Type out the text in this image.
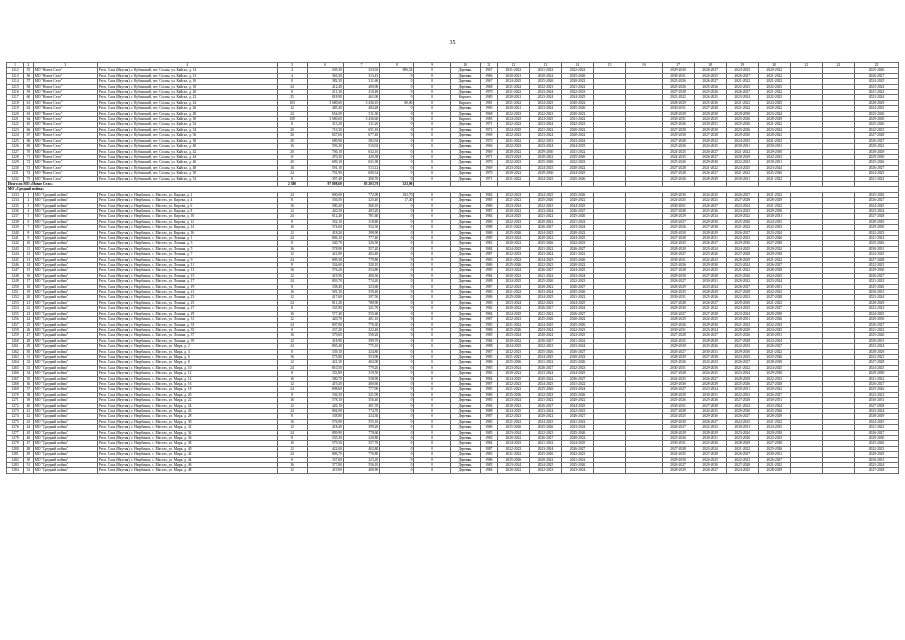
35
1	2	3	4	5	6	7	8	9	10	11	12	13	14	15	16	17	18	19	20	21	22	23
1212	55	МО "Новое Село"	Респ. Саха (Якутия), г. Кубинский, пгт. Сосны, ул. Кайгал, д. 14	4	549,30	333,02	896,34	0	Деревян.	1967	2021-2022	2021-2022	2022-2022			2029-2030	2026-2027	2024-2025	2020-2022			2025-2026
1213	56	МО "Новое Село"	Респ. Саха (Якутия), г. Кубинский, пгт. Сосны, ул. Кайгал, д. 13	4	363,30	313,43	0	0	Деревян.	1966	2020-2021	2020-2022	2025-2026			2030-2031	2024-2025	2026-2027	2021-2022			2026-2027
1214	57	МО "Новое Село"	Респ. Саха (Якутия), г. Кубинский, пгт. Сосны, ул. Кайгал, д. 16	8	382,30	311,60	0	0	Деревян.	1967	2024-2025	2025-2026	2020-2022			2025-2026	2026-2027	2021-2022	2021-2022			2024-2025
1215	58	МО "Новое Село"	Респ. Саха (Якутия), г. Кубинский, пгт. Сосны, ул. Кайгал, д. 18	24	412,40	400,08	0	0	Деревян.	1968	2021-2022	2022-2023	2021-2022			2025-2026	2025-2026	2022-2023	2022-2023			2023-2024
1216	59	МО "Новое Село"	Респ. Саха (Якутия), г. Кубинский, пгт. Сосны, ул. Кайгал, д. 20	8	211,30	210,48	0	0	Деревян.	1970	2021-2022	2023-2024	2022-2023			2027-2028	2025-2026	2026-2027	2021-2022			2021-2022
1217	60	МО "Новое Село"	Респ. Саха (Якутия), г. Кубинский, пгт. Сосны, ул. Кайгал, д. 22	25	818,90	461,00	0	0	Кирпич.	1980	2020-2021	2023-2024	2024-2025			2021-2022	2024-2025	2023-2024	2022-2023			2023-2024
1218	61	МО "Новое Село"	Респ. Саха (Якутия), г. Кубинский, пгт. Сосны, ул. Кайгал, д. 24	103	3 680,60	3 436,10	80,00	0	Кирпич.	1981	2021-2022	2024-2025	2020-2022			2028-2029	2025-2026	2021-2022	2024-2025			2028-2029
1219	62	МО "Новое Село"	Респ. Саха (Якутия), г. Кубинский, пгт. Сосны, ул. Кайгал, д. 26	12	485,40	404,28	0	0	Деревян.	1969	2020-2021	2023-2024	2025-2026			2030-2031	2027-2028	2021-2022	2020-2022			2024-2025
1220	63	МО "Новое Село"	Респ. Саха (Якутия), г. Кубинский, пгт. Сосны, ул. Кайгал, д. 28	24	654,00	511,30	0	0	Деревян.	1968	2022-2023	2022-2023	2020-2022			2028-2029	2029-2030	2029-2030	2023-2024			2025-2026
1221	64	МО "Новое Село"	Респ. Саха (Якутия), г. Кубинский, пгт. Сосны, ул. Кайгал, д. 30	108	3 680,60	3 436,60	0	0	Кирпич.	1983	2024-2025	2024-2025	2021-2022			2030-2031	2024-2025	2025-2026	2028-2029			2029-2030
1222	65	МО "Новое Село"	Респ. Саха (Якутия), г. Кубинский, пгт. Сосны, ул. Кайгал, д. 32	8	313,20	311,20	0	0	Деревян.	1971	2022-2023	2023-2024	2022-2023			2025-2026	2030-2031	2025-2026	2021-2022			2025-2026
1223	66	МО "Новое Село"	Респ. Саха (Якутия), г. Кубинский, пгт. Сосны, ул. Кайгал, д. 34	20	710,30	651,10	0	0	Деревян.	1972	2024-2025	2021-2022	2020-2022			2027-2028	2029-2030	2025-2026	2023-2024			2022-2023
1224	67	МО "Новое Село"	Респ. Саха (Якутия), г. Кубинский, пгт. Сосны, ул. Кайгал, д. 36	26	847,60	677,40	0	0	Деревян.	1969	2022-2023	2023-2024	2020-2022			2029-2030	2027-2028	2029-2030	2020-2022			2027-2028
1225	68	МО "Новое Село"	Респ. Саха (Якутия), г. Кубинский, пгт. Сосны, ул. Кайгал, д. 38	20	689,90	582,94	0	0	Деревян.	1970	2021-2022	2022-2023	2023-2024			2027-2028	2020-2022	2024-2025	2021-2022			2026-2027
1226	69	МО "Новое Село"	Респ. Саха (Якутия), г. Кубинский, пгт. Сосны, ул. Кайгал, д. 40	16	593,20	510,02	0	0	Деревян.	1966	2022-2023	2023-2024	2024-2025			2025-2026	2024-2025	2030-2031	2030-2031			2020-2022
1227	70	МО "Новое Село"	Респ. Саха (Якутия), г. Кубинский, пгт. Сосны, ул. Кайгал, д. 42	20	706,10	632,10	0	0	Деревян.	1969	2020-2022	2029-2030	2021-2022			2024-2025	2026-2027	2021-2022	2029-2030			2028-2029
1228	71	МО "Новое Село"	Респ. Саха (Якутия), г. Кубинский, пгт. Сосны, ул. Кайгал, д. 44	11	470,20	420,38	0	0	Деревян.	1971	2023-2024	2020-2022	2025-2026			2024-2025	2026-2027	2028-2029	2022-2023			2029-2030
1229	72	МО "Новое Село"	Респ. Саха (Якутия), г. Кубинский, пгт. Сосны, ул. Кайгал, д. 46	20	699,10	631,38	0	0	Деревян.	1970	2022-2023	2025-2026	2022-2023			2025-2026	2029-2030	2022-2023	2030-2031			2025-2026
1230	73	МО "Новое Село"	Респ. Саха (Якутия), г. Кубинский, пгт. Сосны, ул. Кайгал, д. 48	16	591,10	513,12	0	0	Деревян.	1969	2023-2024	2024-2025	2020-2022			2027-2028	2021-2022	2024-2025	2023-2024			2026-2027
1231	74	МО "Новое Село"	Респ. Саха (Якутия), г. Кубинский, пгт. Сосны, ул. Кайгал, д. 50	24	701,90	600,34	0	0	Деревян.	1970	2020-2022	2029-2030	2024-2025			2027-2028	2026-2027	2021-2022	2025-2026			2024-2025
1232	75	МО "Новое Село"	Респ. Саха (Якутия), г. Кубинский, пгт. Сосны, ул. Кайгал, д. 52	8	307,40	290,76	0	0	Деревян.	1971	2021-2022	2024-2025	2025-2026			2025-2026	2028-2029	2030-2031	2021-2022			2021-2022
Итого по МО «Новое Село»				2 380	97 808,60	83 203,70	323,00															
МО «Средний пойма»																						
1233	1	МО "Средний пойма"	Респ. Саха (Якутия), г. Нюрбинск, с. Мастах, ул. Кирова, д. 2	24	800,00	772,00	182,70	0	Деревян.	1982	2022-2023	2024-2025	2025-2026			2029-2030	2024-2025	2026-2027	2021-2022			2025-2026
1234	2	МО "Средний пойма"	Респ. Саха (Якутия), г. Нюрбинск, с. Мастах, ул. Кирова, д. 4	8	336,50	325,40	17,40	0	Деревян.	1985	2021-2022	2025-2026	2020-2022			2024-2025	2022-2023	2027-2028	2028-2029			2026-2027
1235	3	МО "Средний пойма"	Респ. Саха (Якутия), г. Нюрбинск, с. Мастах, ул. Кирова, д. 6	16	580,20	560,10	0	0	Деревян.	1986	2023-2024	2022-2023	2024-2025			2030-2031	2026-2027	2023-2024	2021-2022			2024-2025
1236	4	МО "Средний пойма"	Респ. Саха (Якутия), г. Нюрбинск, с. Мастах, ул. Кирова, д. 8	12	420,30	403,20	0	0	Деревян.	1987	2020-2022	2023-2024	2026-2027			2027-2028	2025-2026	2024-2025	2029-2030			2023-2024
1237	5	МО "Средний пойма"	Респ. Саха (Якутия), г. Нюрбинск, с. Мастах, ул. Кирова, д. 10	24	812,40	781,60	0	0	Деревян.	1984	2024-2025	2021-2022	2025-2026			2028-2029	2023-2024	2020-2022	2030-2031			2027-2028
1238	6	МО "Средний пойма"	Респ. Саха (Якутия), г. Нюрбинск, с. Мастах, ул. Кирова, д. 12	8	332,10	318,80	0	0	Деревян.	1983	2022-2023	2020-2022	2021-2022			2026-2027	2029-2030	2025-2026	2024-2025			2028-2029
1239	7	МО "Средний пойма"	Респ. Саха (Якутия), г. Нюрбинск, с. Мастах, ул. Кирова, д. 14	16	574,60	552,30	0	0	Деревян.	1988	2021-2022	2026-2027	2023-2024			2025-2026	2027-2028	2021-2022	2022-2023			2029-2030
1240	8	МО "Средний пойма"	Респ. Саха (Якутия), г. Нюрбинск, с. Мастах, ул. Кирова, д. 16	12	418,20	398,90	0	0	Деревян.	1986	2025-2026	2024-2025	2020-2022			2029-2030	2028-2029	2026-2027	2023-2024			2022-2023
1241	9	МО "Средний пойма"	Респ. Саха (Якутия), г. Нюрбинск, с. Мастах, ул. Ленина, д. 1	24	806,10	777,40	0	0	Деревян.	1985	2023-2024	2020-2022	2024-2025			2027-2028	2030-2031	2022-2023	2025-2026			2021-2022
1242	10	МО "Средний пойма"	Респ. Саха (Якутия), г. Нюрбинск, с. Мастах, ул. Ленина, д. 3	8	340,70	326,50	0	0	Деревян.	1982	2020-2022	2025-2026	2022-2023			2024-2025	2026-2027	2029-2030	2027-2028			2025-2026
1243	11	МО "Средний пойма"	Респ. Саха (Якутия), г. Нюрбинск, с. Мастах, ул. Ленина, д. 5	16	578,90	557,20	0	0	Деревян.	1984	2024-2025	2021-2022	2026-2027			2028-2029	2023-2024	2024-2025	2020-2022			2030-2031
1244	12	МО "Средний пойма"	Респ. Саха (Якутия), г. Нюрбинск, с. Мастах, ул. Ленина, д. 7	12	421,80	402,40	0	0	Деревян.	1987	2022-2023	2023-2024	2021-2022			2026-2027	2025-2026	2027-2028	2029-2030			2024-2025
1245	13	МО "Средний пойма"	Респ. Саха (Якутия), г. Нюрбинск, с. Мастах, ул. Ленина, д. 9	24	809,30	779,80	0	0	Деревян.	1983	2021-2022	2024-2025	2025-2026			2030-2031	2022-2023	2028-2029	2021-2022			2027-2028
1246	14	МО "Средний пойма"	Респ. Саха (Якутия), г. Нюрбинск, с. Мастах, ул. Ленина, д. 11	8	334,60	320,10	0	0	Деревян.	1986	2025-2026	2022-2023	2020-2022			2025-2026	2029-2030	2023-2024	2026-2027			2022-2023
1247	15	МО "Средний пойма"	Респ. Саха (Якутия), г. Нюрбинск, с. Мастах, ул. Ленина, д. 13	16	576,20	554,80	0	0	Деревян.	1985	2023-2024	2026-2027	2024-2025			2027-2028	2024-2025	2021-2022	2028-2029			2029-2030
1248	16	МО "Средний пойма"	Респ. Саха (Якутия), г. Нюрбинск, с. Мастах, ул. Ленина, д. 15	12	419,50	400,30	0	0	Деревян.	1984	2020-2022	2021-2022	2023-2024			2029-2030	2027-2028	2025-2026	2024-2025			2026-2027
1249	17	МО "Средний пойма"	Респ. Саха (Якутия), г. Нюрбинск, с. Мастах, ул. Ленина, д. 17	24	803,70	774,20	0	0	Деревян.	1988	2024-2025	2025-2026	2022-2023			2026-2027	2030-2031	2020-2022	2023-2024			2021-2022
1250	18	МО "Средний пойма"	Респ. Саха (Якутия), г. Нюрбинск, с. Мастах, ул. Ленина, д. 19	8	338,40	323,60	0	0	Деревян.	1987	2022-2023	2020-2022	2026-2027			2028-2029	2023-2024	2026-2027	2030-2031			2025-2026
1251	19	МО "Средний пойма"	Респ. Саха (Якутия), г. Нюрбинск, с. Мастах, ул. Ленина, д. 21	16	581,30	559,40	0	0	Деревян.	1983	2021-2022	2023-2024	2025-2026			2024-2025	2028-2029	2027-2028	2022-2023			2030-2031
1252	20	МО "Средний пойма"	Респ. Саха (Якутия), г. Нюрбинск, с. Мастах, ул. Ленина, д. 23	12	417,60	397,50	0	0	Деревян.	1986	2025-2026	2024-2025	2021-2022			2030-2031	2025-2026	2022-2023	2027-2028			2023-2024
1253	21	МО "Средний пойма"	Респ. Саха (Якутия), г. Нюрбинск, с. Мастах, ул. Ленина, д. 25	24	811,20	780,90	0	0	Деревян.	1985	2023-2024	2022-2023	2024-2025			2027-2028	2026-2027	2029-2030	2021-2022			2028-2029
1254	22	МО "Средний пойма"	Респ. Саха (Якутия), г. Нюрбинск, с. Мастах, ул. Ленина, д. 27	8	335,90	321,70	0	0	Деревян.	1982	2020-2022	2026-2027	2023-2024			2029-2030	2021-2022	2024-2025	2026-2027			2022-2023
1255	23	МО "Средний пойма"	Респ. Саха (Якутия), г. Нюрбинск, с. Мастах, ул. Ленина, д. 29	16	577,40	555,60	0	0	Деревян.	1984	2024-2025	2021-2022	2026-2027			2026-2027	2027-2028	2023-2024	2029-2030			2024-2025
1256	24	МО "Средний пойма"	Респ. Саха (Якутия), г. Нюрбинск, с. Мастах, ул. Ленина, д. 31	12	420,70	401,10	0	0	Деревян.	1987	2022-2023	2025-2026	2020-2022			2028-2029	2024-2025	2030-2031	2025-2026			2029-2030
1257	25	МО "Средний пойма"	Респ. Саха (Якутия), г. Нюрбинск, с. Мастах, ул. Ленина, д. 33	24	807,80	776,30	0	0	Деревян.	1983	2021-2022	2024-2025	2025-2026			2025-2026	2029-2030	2021-2022	2022-2023			2026-2027
1258	26	МО "Средний пойма"	Респ. Саха (Якутия), г. Нюрбинск, с. Мастах, ул. Ленина, д. 35	8	337,20	322,40	0	0	Деревян.	1986	2025-2026	2023-2024	2022-2023			2030-2031	2023-2024	2028-2029	2024-2025			2021-2022
1259	27	МО "Средний пойма"	Респ. Саха (Якутия), г. Нюрбинск, с. Мастах, ул. Ленина, д. 37	16	579,60	558,20	0	0	Деревян.	1985	2023-2024	2020-2022	2024-2025			2027-2028	2026-2027	2025-2026	2030-2031			2025-2026
1260	28	МО "Средний пойма"	Респ. Саха (Якутия), г. Нюрбинск, с. Мастах, ул. Ленина, д. 39	12	418,90	399,70	0	0	Деревян.	1984	2020-2022	2026-2027	2021-2022			2024-2025	2028-2029	2027-2028	2023-2024			2030-2031
1261	29	МО "Средний пойма"	Респ. Саха (Якутия), г. Нюрбинск, с. Мастах, ул. Мира, д. 2	24	805,40	775,10	0	0	Деревян.	1988	2024-2025	2022-2023	2023-2024			2029-2030	2025-2026	2022-2023	2026-2027			2023-2024
1262	30	МО "Средний пойма"	Респ. Саха (Якутия), г. Нюрбинск, с. Мастах, ул. Мира, д. 4	8	339,10	324,80	0	0	Деревян.	1987	2022-2023	2025-2026	2026-2027			2026-2027	2030-2031	2029-2030	2021-2022			2028-2029
1263	31	МО "Средний пойма"	Респ. Саха (Якутия), г. Нюрбинск, с. Мастах, ул. Мира, д. 6	16	575,80	553,90	0	0	Деревян.	1983	2021-2022	2024-2025	2020-2022			2028-2029	2027-2028	2024-2025	2025-2026			2022-2023
1264	32	МО "Средний пойма"	Респ. Саха (Якутия), г. Нюрбинск, с. Мастах, ул. Мира, д. 8	12	421,30	402,00	0	0	Деревян.	1986	2025-2026	2021-2022	2025-2026			2025-2026	2022-2023	2026-2027	2028-2029			2027-2028
1265	33	МО "Средний пойма"	Респ. Саха (Якутия), г. Нюрбинск, с. Мастах, ул. Мира, д. 10	24	810,50	779,20	0	0	Деревян.	1985	2023-2024	2026-2027	2022-2023			2030-2031	2029-2030	2021-2022	2024-2025			2024-2025
1266	34	МО "Средний пойма"	Респ. Саха (Якутия), г. Нюрбинск, с. Мастах, ул. Мира, д. 12	8	333,80	319,50	0	0	Деревян.	1982	2020-2022	2023-2024	2024-2025			2027-2028	2024-2025	2023-2024	2029-2030			2029-2030
1267	35	МО "Средний пойма"	Респ. Саха (Якутия), г. Нюрбинск, с. Мастах, ул. Мира, д. 14	16	580,70	558,90	0	0	Деревян.	1984	2024-2025	2020-2022	2026-2027			2024-2025	2026-2027	2028-2029	2022-2023			2021-2022
1268	36	МО "Средний пойма"	Респ. Саха (Якутия), г. Нюрбинск, с. Мастах, ул. Мира, д. 16	12	419,20	400,60	0	0	Деревян.	1987	2022-2023	2024-2025	2021-2022			2029-2030	2028-2029	2025-2026	2027-2028			2026-2027
1269	37	МО "Средний пойма"	Респ. Саха (Якутия), г. Нюрбинск, с. Мастах, ул. Мира, д. 18	24	808,60	777,90	0	0	Деревян.	1983	2021-2022	2025-2026	2023-2024			2026-2027	2023-2024	2030-2031	2020-2022			2025-2026
1270	38	МО "Средний пойма"	Респ. Саха (Якутия), г. Нюрбинск, с. Мастах, ул. Мира, д. 20	8	336,30	321,90	0	0	Деревян.	1986	2025-2026	2022-2023	2025-2026			2028-2029	2030-2031	2022-2023	2026-2027			2022-2023
1271	39	МО "Средний пойма"	Респ. Саха (Якутия), г. Нюрбинск, с. Мастах, ул. Мира, д. 22	16	578,10	556,40	0	0	Деревян.	1985	2023-2024	2021-2022	2020-2022			2025-2026	2025-2026	2027-2028	2030-2031			2030-2031
1272	40	МО "Средний пойма"	Респ. Саха (Якутия), г. Нюрбинск, с. Мастах, ул. Мира, д. 24	12	420,10	401,70	0	0	Деревян.	1984	2020-2022	2026-2027	2024-2025			2030-2031	2027-2028	2021-2022	2023-2024			2027-2028
1273	41	МО "Средний пойма"	Респ. Саха (Якутия), г. Нюрбинск, с. Мастах, ул. Мира, д. 26	24	804,90	774,70	0	0	Деревян.	1988	2024-2025	2023-2024	2022-2023			2027-2028	2024-2025	2029-2030	2025-2026			2023-2024
1274	42	МО "Средний пойма"	Респ. Саха (Якутия), г. Нюрбинск, с. Мастах, ул. Мира, д. 28	8	338,80	324,30	0	0	Деревян.	1987	2022-2023	2020-2022	2026-2027			2024-2025	2029-2030	2026-2027	2028-2029			2028-2029
1275	43	МО "Средний пойма"	Респ. Саха (Якутия), г. Нюрбинск, с. Мастах, ул. Мира, д. 30	16	576,90	555,10	0	0	Деревян.	1983	2021-2022	2024-2025	2021-2022			2029-2030	2026-2027	2024-2025	2021-2022			2024-2025
1276	44	МО "Средний пойма"	Респ. Саха (Якутия), г. Нюрбинск, с. Мастах, ул. Мира, д. 32	12	418,40	399,20	0	0	Деревян.	1986	2025-2026	2025-2026	2023-2024			2026-2027	2022-2023	2030-2031	2024-2025			2021-2022
1277	45	МО "Средний пойма"	Респ. Саха (Якутия), г. Нюрбинск, с. Мастах, ул. Мира, д. 34	24	809,90	778,60	0	0	Деревян.	1985	2023-2024	2022-2023	2025-2026			2028-2029	2028-2029	2023-2024	2029-2030			2026-2027
1278	46	МО "Средний пойма"	Респ. Саха (Якутия), г. Нюрбинск, с. Мастах, ул. Мира, д. 36	8	335,20	320,80	0	0	Деревян.	1982	2020-2022	2026-2027	2020-2022			2025-2026	2030-2031	2025-2026	2022-2023			2029-2030
1279	47	МО "Средний пойма"	Респ. Саха (Якутия), г. Нюрбинск, с. Мастах, ул. Мира, д. 38	16	579,30	557,70	0	0	Деревян.	1984	2024-2025	2021-2022	2024-2025			2030-2031	2025-2026	2028-2029	2027-2028			2025-2026
1280	48	МО "Средний пойма"	Респ. Саха (Якутия), г. Нюрбинск, с. Мастах, ул. Мира, д. 40	12	422,00	402,80	0	0	Деревян.	1987	2022-2023	2023-2024	2026-2027			2027-2028	2023-2024	2021-2022	2025-2026			2022-2023
1281	49	МО "Средний пойма"	Респ. Саха (Якутия), г. Нюрбинск, с. Мастах, ул. Мира, д. 42	24	806,70	776,80	0	0	Деревян.	1983	2021-2022	2025-2026	2022-2023			2024-2025	2027-2028	2026-2027	2030-2031			2028-2029
1282	50	МО "Средний пойма"	Респ. Саха (Якутия), г. Нюрбинск, с. Мастах, ул. Мира, д. 44	8	337,60	323,20	0	0	Деревян.	1986	2025-2026	2020-2022	2021-2022			2029-2030	2024-2025	2022-2023	2026-2027			2030-2031
1283	51	МО "Средний пойма"	Респ. Саха (Якутия), г. Нюрбинск, с. Мастах, ул. Мира, д. 46	16	577,80	556,10	0	0	Деревян.	1985	2023-2024	2024-2025	2025-2026			2026-2027	2029-2030	2027-2028	2021-2022			2023-2024
1284	52	МО "Средний пойма"	Респ. Саха (Якутия), г. Нюрбинск, с. Мастах, ул. Мира, д. 48	12	419,80	400,90	0	0	Деревян.	1984	2020-2022	2022-2023	2023-2024			2028-2029	2026-2027	2024-2025	2028-2029			2027-2028
